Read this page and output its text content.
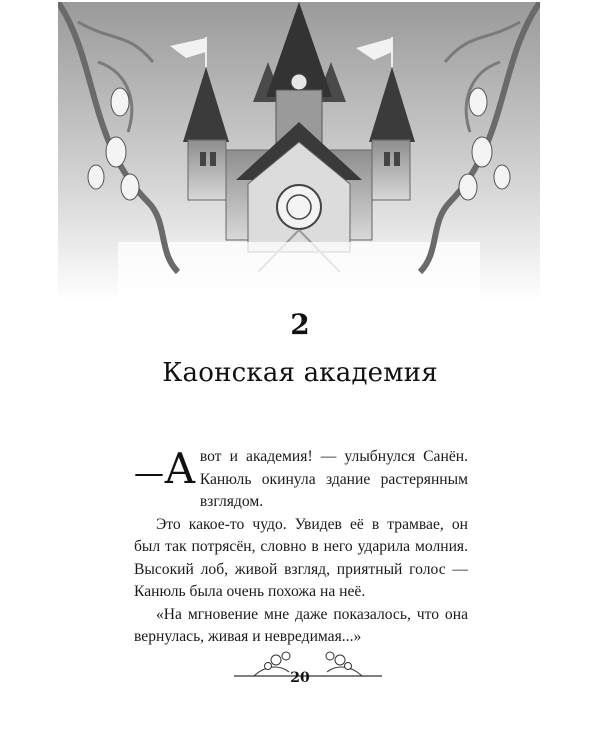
2
Каонская академия

—А вот и академия! — улыбнулся Санён. Канюль окинула здание растерянным взглядом.

Это какое-то чудо. Увидев её в трамвае, он был так потрясён, словно в него ударила молния. Высокий лоб, живой взгляд, приятный голос — Канюль была очень похожа на неё.

«На мгновение мне даже показалось, что она вернулась, живая и невредимая...»

20
